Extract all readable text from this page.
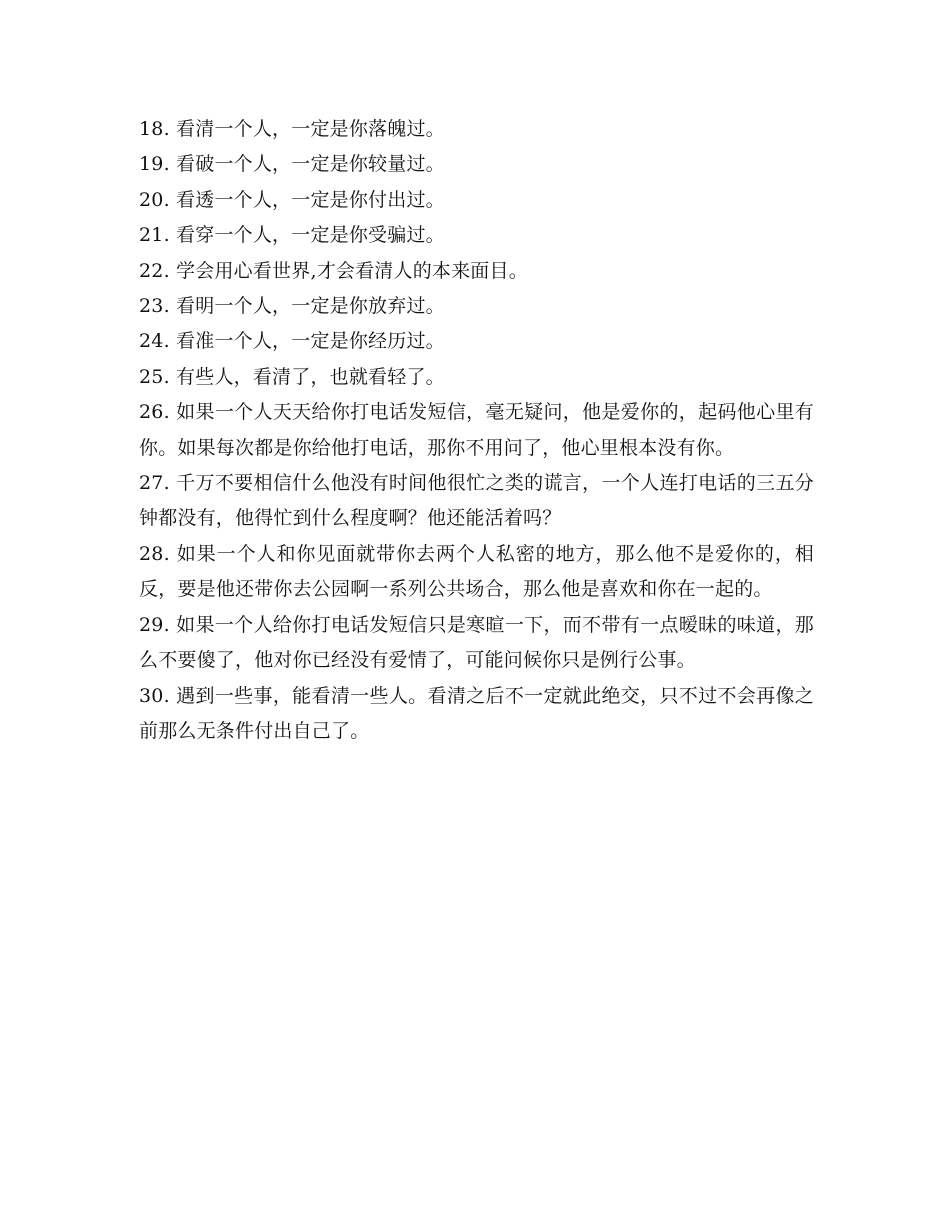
18. 看清一个人，一定是你落魄过。

19. 看破一个人，一定是你较量过。

20. 看透一个人，一定是你付出过。

21. 看穿一个人，一定是你受骗过。

22. 学会用心看世界,才会看清人的本来面目。

23. 看明一个人，一定是你放弃过。

24. 看准一个人，一定是你经历过。

25. 有些人，看清了，也就看轻了。

26. 如果一个人天天给你打电话发短信，毫无疑问，他是爱你的，起码他心里有你。如果每次都是你给他打电话，那你不用问了，他心里根本没有你。

27. 千万不要相信什么他没有时间他很忙之类的谎言，一个人连打电话的三五分钟都没有，他得忙到什么程度啊？他还能活着吗？

28. 如果一个人和你见面就带你去两个人私密的地方，那么他不是爱你的，相反，要是他还带你去公园啊一系列公共场合，那么他是喜欢和你在一起的。

29. 如果一个人给你打电话发短信只是寒暄一下，而不带有一点暧昧的味道，那么不要傻了，他对你已经没有爱情了，可能问候你只是例行公事。

30. 遇到一些事，能看清一些人。看清之后不一定就此绝交，只不过不会再像之前那么无条件付出自己了。
